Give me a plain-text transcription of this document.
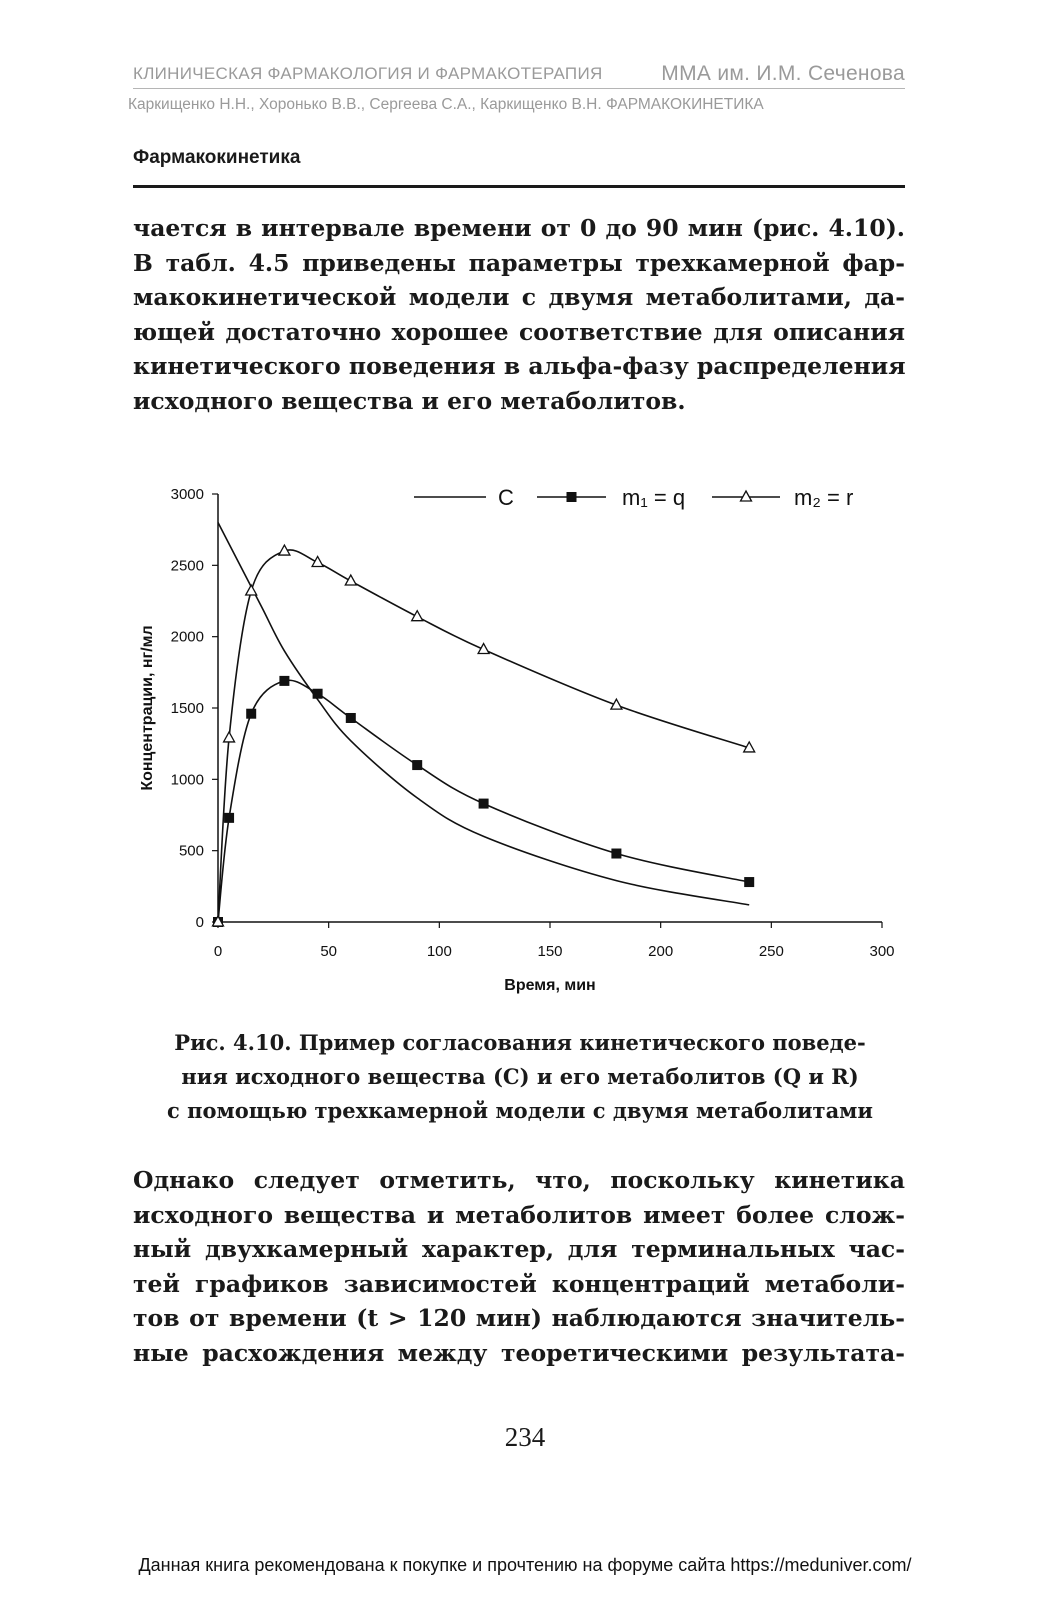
КЛИНИЧЕСКАЯ ФАРМАКОЛОГИЯ И ФАРМАКОТЕРАПИЯ	ММА им. И.М. Сеченова
Каркищенко Н.Н., Хоронько В.В., Сергеева С.А., Каркищенко В.Н. ФАРМАКОКИНЕТИКА
Фармакокинетика
чается в интервале времени от 0 до 90 мин (рис. 4.10).
В табл. 4.5 приведены параметры трехкамерной фар-
макокинетической модели с двумя метаболитами, да-
ющей достаточно хорошее соответствие для описания
кинетического поведения в альфа-фазу распределения
исходного вещества и его метаболитов.
0	50	100	150	200	250	300
0
500
1000
1500
2000
2500
3000	C	m₁ = q	m₂ = r
Время, мин
Концентрации, нг/мл
Рис. 4.10. Пример согласования кинетического поведе-
ния исходного вещества (C) и его метаболитов (Q и R)
с помощью трехкамерной модели с двумя метаболитами
Однако следует отметить, что, поскольку кинетика
исходного вещества и метаболитов имеет более слож-
ный двухкамерный характер, для терминальных час-
тей графиков зависимостей концентраций метаболи-
тов от времени (t > 120 мин) наблюдаются значитель-
ные расхождения между теоретическими результата-
234
Данная книга рекомендована к покупке и прочтению на форуме сайта https://meduniver.com/
